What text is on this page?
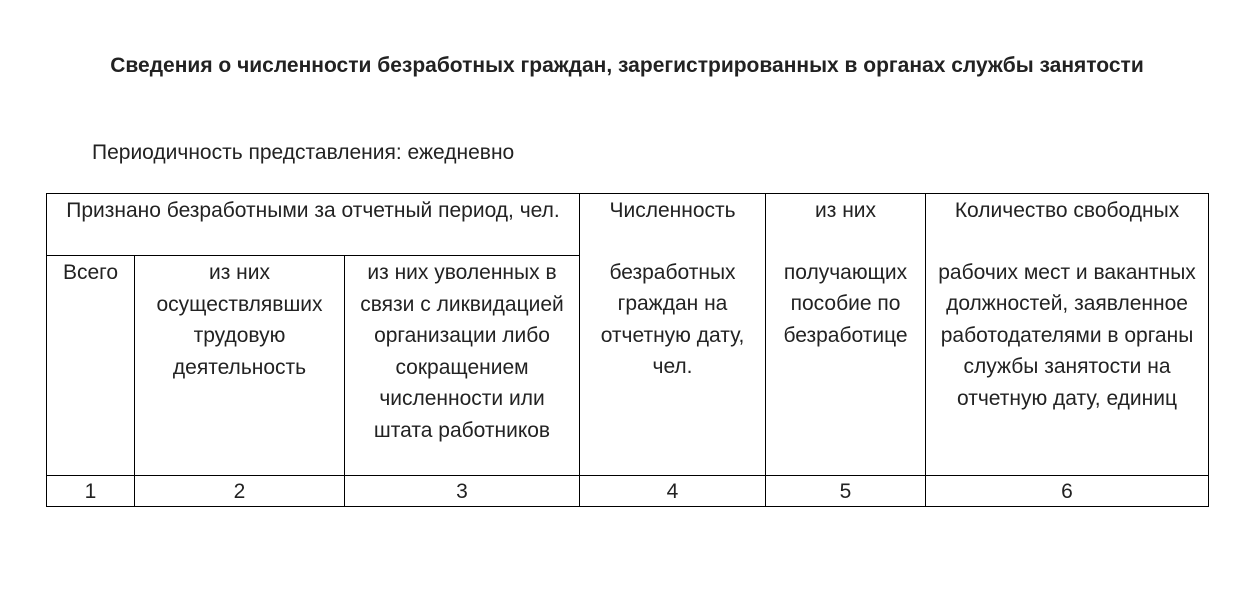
Сведения о численности безработных граждан, зарегистрированных в органах службы занятости
Периодичность представления: ежедневно
Признано безработными за отчетный период, чел.			Численность	из них	Количество свободных
Всего	из них осуществлявших трудовую деятельность	из них уволенных в связи с ликвидацией организации либо сокращением численности или штата работников	безработных граждан на отчетную дату, чел.	получающих пособие по безработице	рабочих мест и вакантных должностей, заявленное работодателями в органы службы занятости на отчетную дату, единиц
1	2	3	4	5	6
